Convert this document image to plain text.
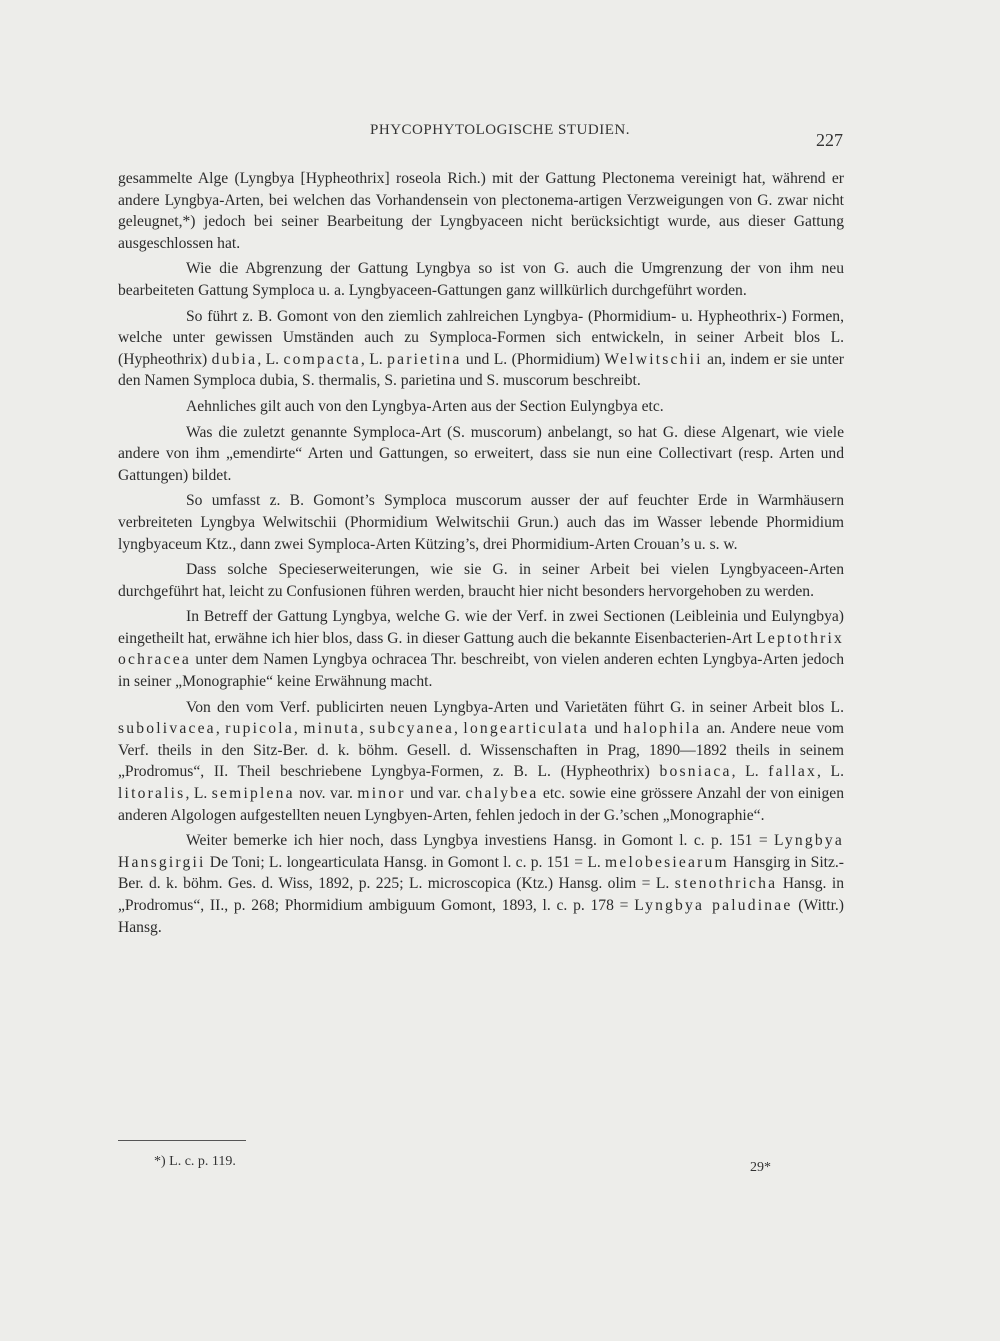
PHYCOPHYTOLOGISCHE STUDIEN.	227

gesammelte Alge (Lyngbya [Hypheothrix] roseola Rich.) mit der Gattung Plectonema vereinigt hat, während er andere Lyngbya-Arten, bei welchen das Vorhandensein von plectonema-artigen Verzweigungen von G. zwar nicht geleugnet,*) jedoch bei seiner Bearbeitung der Lyngbyaceen nicht berücksichtigt wurde, aus dieser Gattung ausgeschlossen hat.

Wie die Abgrenzung der Gattung Lyngbya so ist von G. auch die Umgrenzung der von ihm neu bearbeiteten Gattung Symploca u. a. Lyngbyaceen-Gattungen ganz willkürlich durchgeführt worden.

So führt z. B. Gomont von den ziemlich zahlreichen Lyngbya- (Phormidium- u. Hypheothrix-) Formen, welche unter gewissen Umständen auch zu Symploca-Formen sich entwickeln, in seiner Arbeit blos L. (Hypheothrix) dubia, L. compacta, L. parietina und L. (Phormidium) Welwitschii an, indem er sie unter den Namen Symploca dubia, S. thermalis, S. parietina und S. muscorum beschreibt.

Aehnliches gilt auch von den Lyngbya-Arten aus der Section Eulyngbya etc.

Was die zuletzt genannte Symploca-Art (S. muscorum) anbelangt, so hat G. diese Algenart, wie viele andere von ihm „emendirte“ Arten und Gattungen, so erweitert, dass sie nun eine Collectivart (resp. Arten und Gattungen) bildet.

So umfasst z. B. Gomont’s Symploca muscorum ausser der auf feuchter Erde in Warmhäusern verbreiteten Lyngbya Welwitschii (Phormidium Welwitschii Grun.) auch das im Wasser lebende Phormidium lyngbyaceum Ktz., dann zwei Symploca-Arten Kützing’s, drei Phormidium-Arten Crouan’s u. s. w.

Dass solche Specieserweiterungen, wie sie G. in seiner Arbeit bei vielen Lyngbyaceen-Arten durchgeführt hat, leicht zu Confusionen führen werden, braucht hier nicht besonders hervorgehoben zu werden.

In Betreff der Gattung Lyngbya, welche G. wie der Verf. in zwei Sectionen (Leibleinia und Eulyngbya) eingetheilt hat, erwähne ich hier blos, dass G. in dieser Gattung auch die bekannte Eisenbacterien-Art Leptothrix ochracea unter dem Namen Lyngbya ochracea Thr. beschreibt, von vielen anderen echten Lyngbya-Arten jedoch in seiner „Monographie“ keine Erwähnung macht.

Von den vom Verf. publicirten neuen Lyngbya-Arten und Varietäten führt G. in seiner Arbeit blos L. subolivacea, rupicola, minuta, subcyanea, longearticulata und halophila an. Andere neue vom Verf. theils in den Sitz-Ber. d. k. böhm. Gesell. d. Wissenschaften in Prag, 1890—1892 theils in seinem „Prodromus“, II. Theil beschriebene Lyngbya-Formen, z. B. L. (Hypheothrix) bosniaca, L. fallax, L. litoralis, L. semiplena nov. var. minor und var. chalybea etc. sowie eine grössere Anzahl der von einigen anderen Algologen aufgestellten neuen Lyngbyen-Arten, fehlen jedoch in der G.’schen „Monographie“.

Weiter bemerke ich hier noch, dass Lyngbya investiens Hansg. in Gomont l. c. p. 151 = Lyngbya Hansgirgii De Toni; L. longearticulata Hansg. in Gomont l. c. p. 151 = L. melobesiearum Hansgirg in Sitz.-Ber. d. k. böhm. Ges. d. Wiss, 1892, p. 225; L. microscopica (Ktz.) Hansg. olim = L. stenothricha Hansg. in „Prodromus“, II., p. 268; Phormidium ambiguum Gomont, 1893, l. c. p. 178 = Lyngbya paludinae (Wittr.) Hansg.

*) L. c. p. 119.	29*
